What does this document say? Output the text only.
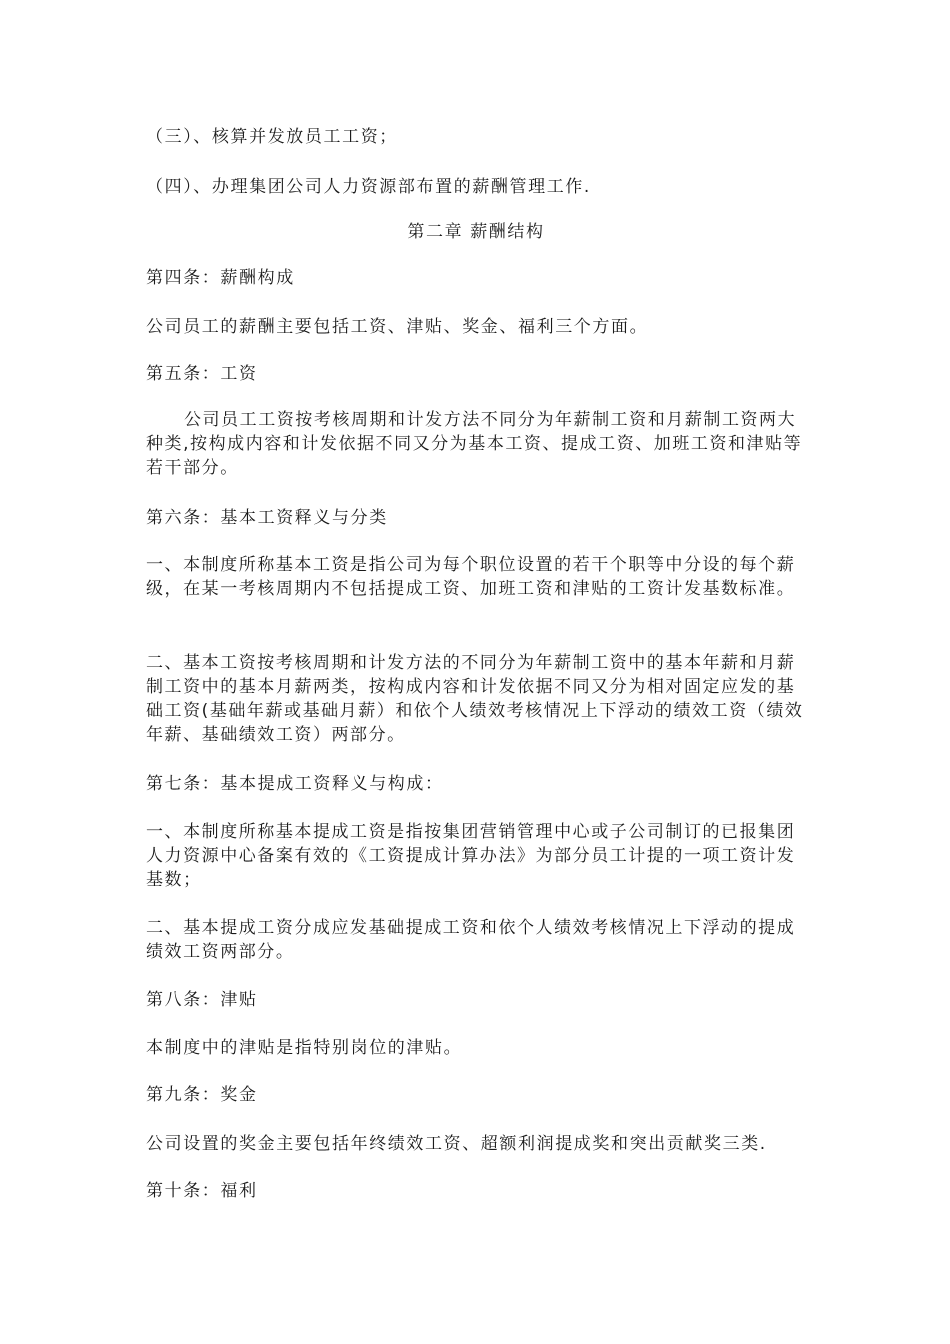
（三）、核算并发放员工工资；
（四）、办理集团公司人力资源部布置的薪酬管理工作.
第二章 薪酬结构
第四条：薪酬构成
公司员工的薪酬主要包括工资、津贴、奖金、福利三个方面。
第五条：工资
公司员工工资按考核周期和计发方法不同分为年薪制工资和月薪制工资两大种类,按构成内容和计发依据不同又分为基本工资、提成工资、加班工资和津贴等若干部分。
第六条：基本工资释义与分类
一、本制度所称基本工资是指公司为每个职位设置的若干个职等中分设的每个薪级，在某一考核周期内不包括提成工资、加班工资和津贴的工资计发基数标准。
二、基本工资按考核周期和计发方法的不同分为年薪制工资中的基本年薪和月薪制工资中的基本月薪两类，按构成内容和计发依据不同又分为相对固定应发的基础工资(基础年薪或基础月薪）和依个人绩效考核情况上下浮动的绩效工资（绩效年薪、基础绩效工资）两部分。
第七条：基本提成工资释义与构成：
一、本制度所称基本提成工资是指按集团营销管理中心或子公司制订的已报集团人力资源中心备案有效的《工资提成计算办法》为部分员工计提的一项工资计发基数；
二、基本提成工资分成应发基础提成工资和依个人绩效考核情况上下浮动的提成绩效工资两部分。
第八条：津贴
本制度中的津贴是指特别岗位的津贴。
第九条：奖金
公司设置的奖金主要包括年终绩效工资、超额利润提成奖和突出贡献奖三类.
第十条：福利
